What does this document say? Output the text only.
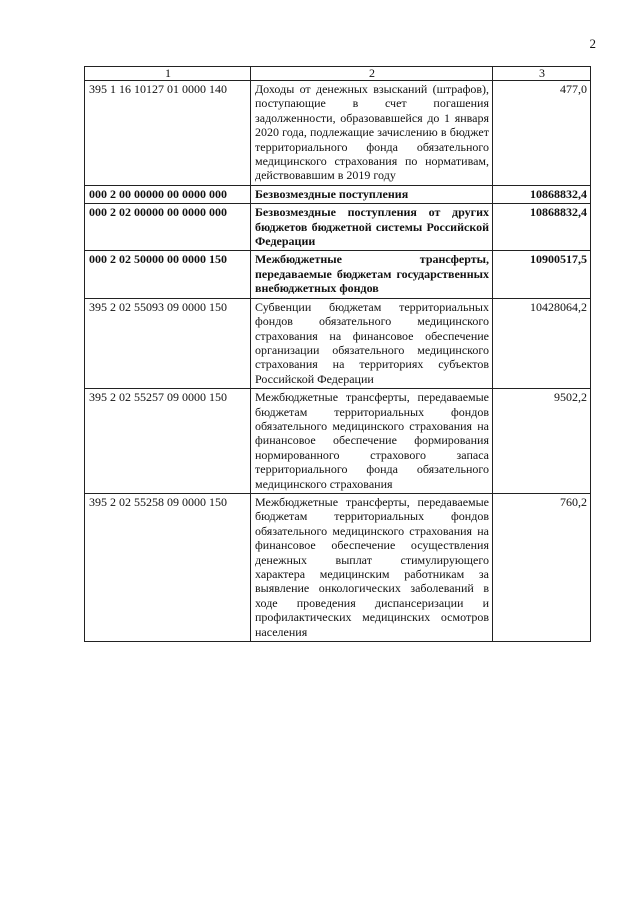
2
1	2	3
395 1 16 10127 01 0000 140	Доходы от денежных взысканий (штрафов), поступающие в счет погашения задолженности, образовавшейся до 1 января 2020 года, подлежащие зачислению в бюджет территориального фонда обязательного медицинского страхования по нормативам, действовавшим в 2019 году	477,0
000 2 00 00000 00 0000 000	Безвозмездные поступления	10868832,4
000 2 02 00000 00 0000 000	Безвозмездные поступления от других бюджетов бюджетной системы Российской Федерации	10868832,4
000 2 02 50000 00 0000 150	Межбюджетные трансферты, передаваемые бюджетам государственных внебюджетных фондов	10900517,5
395 2 02 55093 09 0000 150	Субвенции бюджетам территориальных фондов обязательного медицинского страхования на финансовое обеспечение организации обязательного медицинского страхования на территориях субъектов Российской Федерации	10428064,2
395 2 02 55257 09 0000 150	Межбюджетные трансферты, передаваемые бюджетам территориальных фондов обязательного медицинского страхования на финансовое обеспечение формирования нормированного страхового запаса территориального фонда обязательного медицинского страхования	9502,2
395 2 02 55258 09 0000 150	Межбюджетные трансферты, передаваемые бюджетам территориальных фондов обязательного медицинского страхования на финансовое обеспечение осуществления денежных выплат стимулирующего характера медицинским работникам за выявление онкологических заболеваний в ходе проведения диспансеризации и профилактических медицинских осмотров населения	760,2
